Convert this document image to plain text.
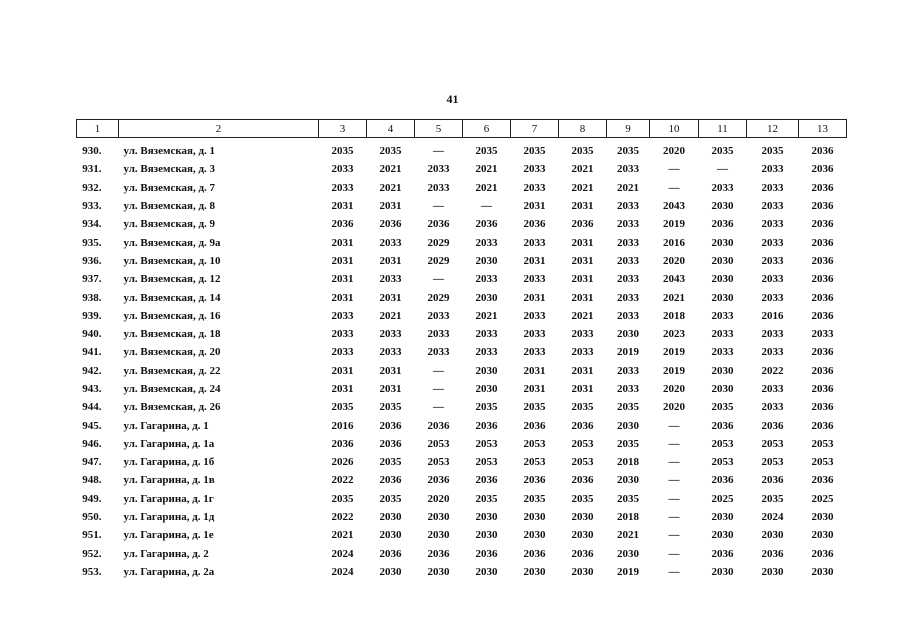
41
1	2	3	4	5	6	7	8	9	10	11	12	13
930.	ул. Вяземская, д. 1	2035	2035	—	2035	2035	2035	2035	2020	2035	2035	2036
931.	ул. Вяземская, д. 3	2033	2021	2033	2021	2033	2021	2033	—	—	2033	2036
932.	ул. Вяземская, д. 7	2033	2021	2033	2021	2033	2021	2021	—	2033	2033	2036
933.	ул. Вяземская, д. 8	2031	2031	—	—	2031	2031	2033	2043	2030	2033	2036
934.	ул. Вяземская, д. 9	2036	2036	2036	2036	2036	2036	2033	2019	2036	2033	2036
935.	ул. Вяземская, д. 9а	2031	2033	2029	2033	2033	2031	2033	2016	2030	2033	2036
936.	ул. Вяземская, д. 10	2031	2031	2029	2030	2031	2031	2033	2020	2030	2033	2036
937.	ул. Вяземская, д. 12	2031	2033	—	2033	2033	2031	2033	2043	2030	2033	2036
938.	ул. Вяземская, д. 14	2031	2031	2029	2030	2031	2031	2033	2021	2030	2033	2036
939.	ул. Вяземская, д. 16	2033	2021	2033	2021	2033	2021	2033	2018	2033	2016	2036
940.	ул. Вяземская, д. 18	2033	2033	2033	2033	2033	2033	2030	2023	2033	2033	2033
941.	ул. Вяземская, д. 20	2033	2033	2033	2033	2033	2033	2019	2019	2033	2033	2036
942.	ул. Вяземская, д. 22	2031	2031	—	2030	2031	2031	2033	2019	2030	2022	2036
943.	ул. Вяземская, д. 24	2031	2031	—	2030	2031	2031	2033	2020	2030	2033	2036
944.	ул. Вяземская, д. 26	2035	2035	—	2035	2035	2035	2035	2020	2035	2033	2036
945.	ул. Гагарина, д. 1	2016	2036	2036	2036	2036	2036	2030	—	2036	2036	2036
946.	ул. Гагарина, д. 1а	2036	2036	2053	2053	2053	2053	2035	—	2053	2053	2053
947.	ул. Гагарина, д. 1б	2026	2035	2053	2053	2053	2053	2018	—	2053	2053	2053
948.	ул. Гагарина, д. 1в	2022	2036	2036	2036	2036	2036	2030	—	2036	2036	2036
949.	ул. Гагарина, д. 1г	2035	2035	2020	2035	2035	2035	2035	—	2025	2035	2025
950.	ул. Гагарина, д. 1д	2022	2030	2030	2030	2030	2030	2018	—	2030	2024	2030
951.	ул. Гагарина, д. 1е	2021	2030	2030	2030	2030	2030	2021	—	2030	2030	2030
952.	ул. Гагарина, д. 2	2024	2036	2036	2036	2036	2036	2030	—	2036	2036	2036
953.	ул. Гагарина, д. 2а	2024	2030	2030	2030	2030	2030	2019	—	2030	2030	2030
